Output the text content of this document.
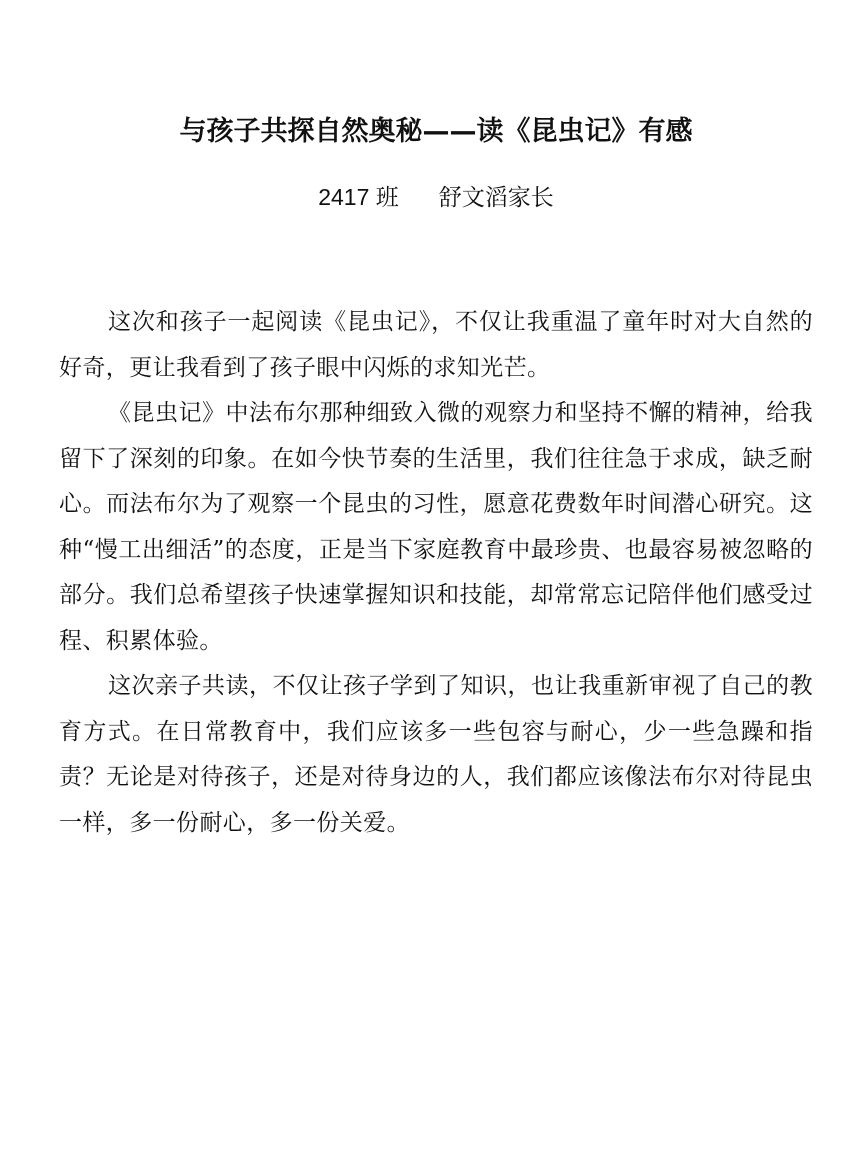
与孩子共探自然奥秘——读《昆虫记》有感
2417 班 舒文滔家长

这次和孩子一起阅读《昆虫记》，不仅让我重温了童年时对大自然的好奇，更让我看到了孩子眼中闪烁的求知光芒。

《昆虫记》中法布尔那种细致入微的观察力和坚持不懈的精神，给我留下了深刻的印象。在如今快节奏的生活里，我们往往急于求成，缺乏耐心。而法布尔为了观察一个昆虫的习性，愿意花费数年时间潜心研究。这种“慢工出细活”的态度，正是当下家庭教育中最珍贵、也最容易被忽略的部分。我们总希望孩子快速掌握知识和技能，却常常忘记陪伴他们感受过程、积累体验。

这次亲子共读，不仅让孩子学到了知识，也让我重新审视了自己的教育方式。在日常教育中，我们应该多一些包容与耐心，少一些急躁和指责？无论是对待孩子，还是对待身边的人，我们都应该像法布尔对待昆虫一样，多一份耐心，多一份关爱。
